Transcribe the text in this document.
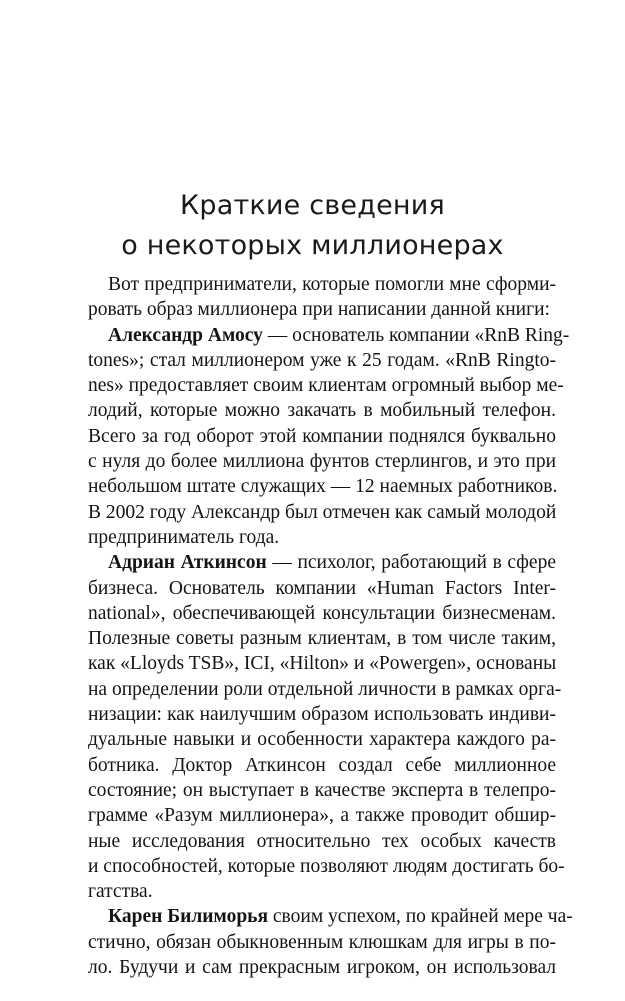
Краткие сведения
о некоторых миллионерах
Вот предприниматели, которые помогли мне сформи-
ровать образ миллионера при написании данной книги:
Александр Амосу — основатель компании «RnB Ring-
tones»; стал миллионером уже к 25 годам. «RnB Ringto-
nes» предоставляет своим клиентам огромный выбор ме-
лодий, которые можно закачать в мобильный телефон.
Всего за год оборот этой компании поднялся буквально
с нуля до более миллиона фунтов стерлингов, и это при
небольшом штате служащих — 12 наемных работников.
В 2002 году Александр был отмечен как самый молодой
предприниматель года.
Адриан Аткинсон — психолог, работающий в сфере
бизнеса. Основатель компании «Human Factors Inter-
national», обеспечивающей консультации бизнесменам.
Полезные советы разным клиентам, в том числе таким,
как «Lloyds TSB», ICI, «Hilton» и «Powergen», основаны
на определении роли отдельной личности в рамках орга-
низации: как наилучшим образом использовать индиви-
дуальные навыки и особенности характера каждого ра-
ботника. Доктор Аткинсон создал себе миллионное
состояние; он выступает в качестве эксперта в телепро-
грамме «Разум миллионера», а также проводит обшир-
ные исследования относительно тех особых качеств
и способностей, которые позволяют людям достигать бо-
гатства.
Карен Билиморья своим успехом, по крайней мере ча-
стично, обязан обыкновенным клюшкам для игры в по-
ло. Будучи и сам прекрасным игроком, он использовал
